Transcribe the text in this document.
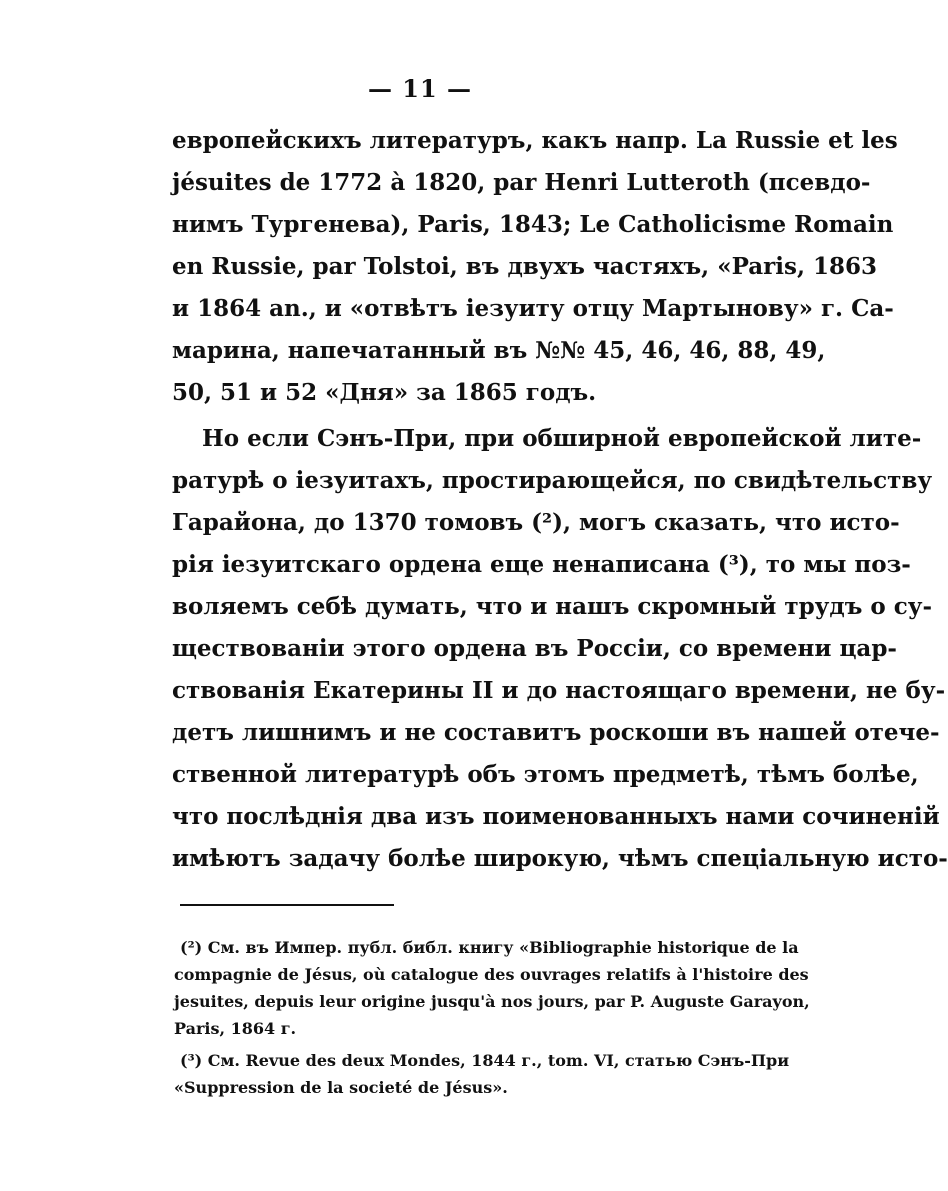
— 11 —
европейскихъ литературъ, какъ напр. La Russie et les
jésuites de 1772 à 1820, par Henri Lutteroth (псевдо-
нимъ Тургенева), Paris, 1843; Le Catholicisme Romain
en Russie, par Tolstoi, въ двухъ частяхъ, «Paris, 1863
и 1864 an., и «отвѣтъ іезуиту отцу Мартынову» г. Са-
марина, напечатанный въ №№ 45, 46, 46, 88, 49,
50, 51 и 52 «Дня» за 1865 годъ.
Но если Сэнъ-При, при обширной европейской лите-
ратурѣ о іезуитахъ, простирающейся, по свидѣтельству
Гарайона, до 1370 томовъ (²), могъ сказать, что исто-
рія іезуитскаго ордена еще ненаписана (³), то мы поз-
воляемъ себѣ думать, что и нашъ скромный трудъ о су-
ществованіи этого ордена въ Россіи, со времени цар-
ствованія Екатерины II и до настоящаго времени, не бу-
детъ лишнимъ и не составитъ роскоши въ нашей отече-
ственной литературѣ объ этомъ предметѣ, тѣмъ болѣе,
что послѣднія два изъ поименованныхъ нами сочиненій
имѣютъ задачу болѣе широкую, чѣмъ спеціальную исто-
(²) См. въ Импер. публ. библ. книгу «Bibliographie historique de la
compagnie de Jésus, où catalogue des ouvrages relatifs à l'histoire des
jesuites, depuis leur origine jusqu'à nos jours, par P. Auguste Garayon,
Paris, 1864 г.
(³) См. Revue des deux Mondes, 1844 г., tom. VI, статью Сэнъ-При
«Suppression de la societé de Jésus».
